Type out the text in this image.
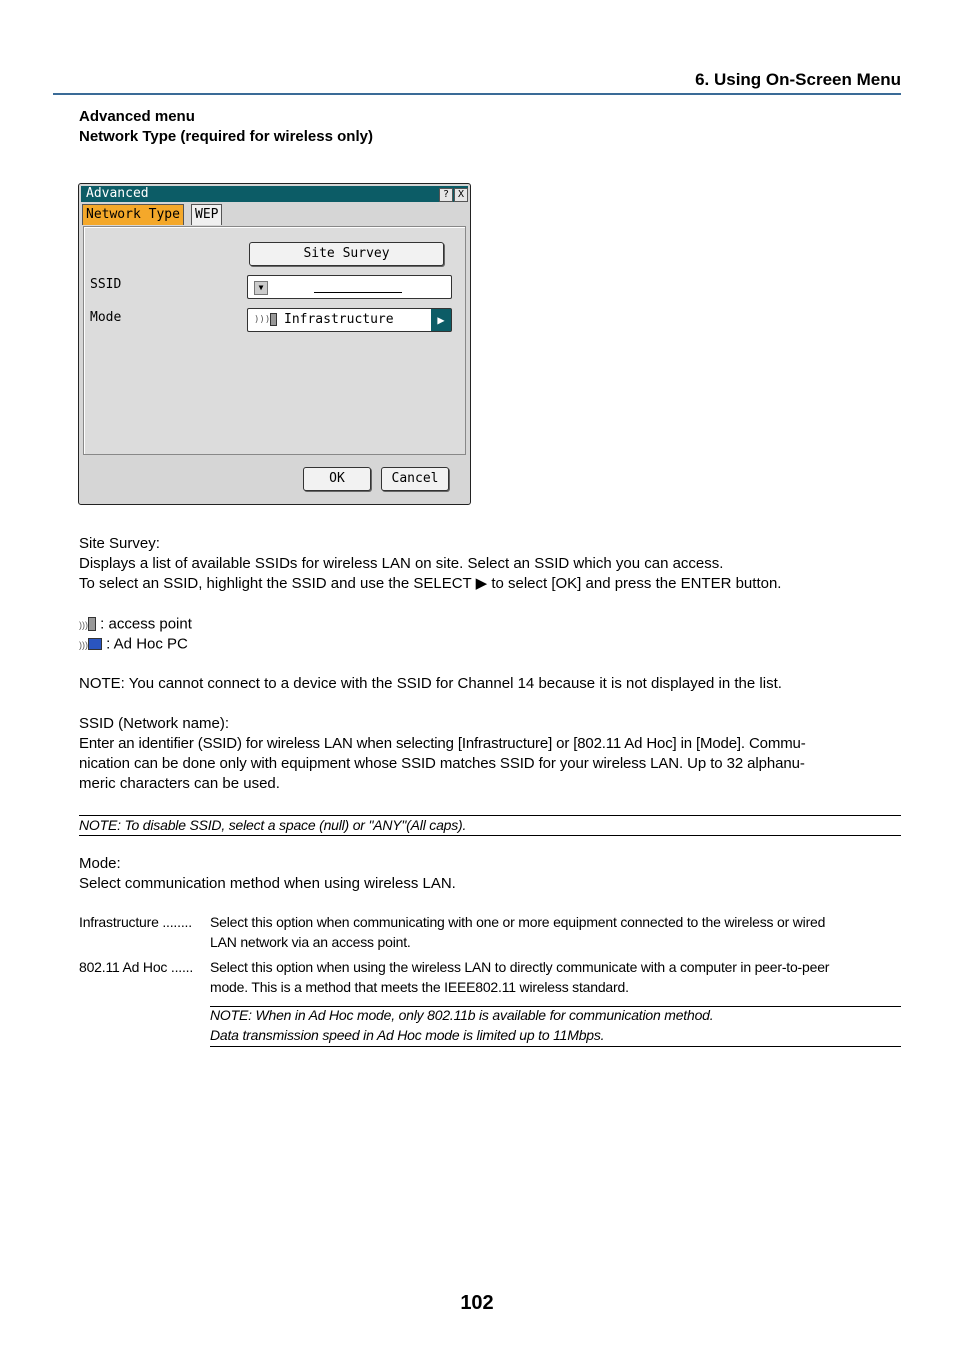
6. Using On-Screen Menu
Advanced menu
Network Type (required for wireless only)
Advanced	? X
Network Type	WEP
Site Survey
SSID	▼
Mode	)))	Infrastructure	▶
OK	Cancel
Site Survey:
Displays a list of available SSIDs for wireless LAN on site. Select an SSID which you can access.
To select an SSID, highlight the SSID and use the SELECT ▶ to select [OK] and press the ENTER button.
))) : access point
))) : Ad Hoc PC
NOTE: You cannot connect to a device with the SSID for Channel 14 because it is not displayed in the list.
SSID (Network name):
Enter an identifier (SSID) for wireless LAN when selecting [Infrastructure] or [802.11 Ad Hoc] in [Mode]. Commu-
nication can be done only with equipment whose SSID matches SSID for your wireless LAN. Up to 32 alphanu-
meric characters can be used.
NOTE: To disable SSID, select a space (null) or "ANY"(All caps).
Mode:
Select communication method when using wireless LAN.
Infrastructure ........ Select this option when communicating with one or more equipment connected to the wireless or wired
LAN network via an access point.
802.11 Ad Hoc ...... Select this option when using the wireless LAN to directly communicate with a computer in peer-to-peer
mode. This is a method that meets the IEEE802.11 wireless standard.
NOTE: When in Ad Hoc mode, only 802.11b is available for communication method.
Data transmission speed in Ad Hoc mode is limited up to 11Mbps.
102
